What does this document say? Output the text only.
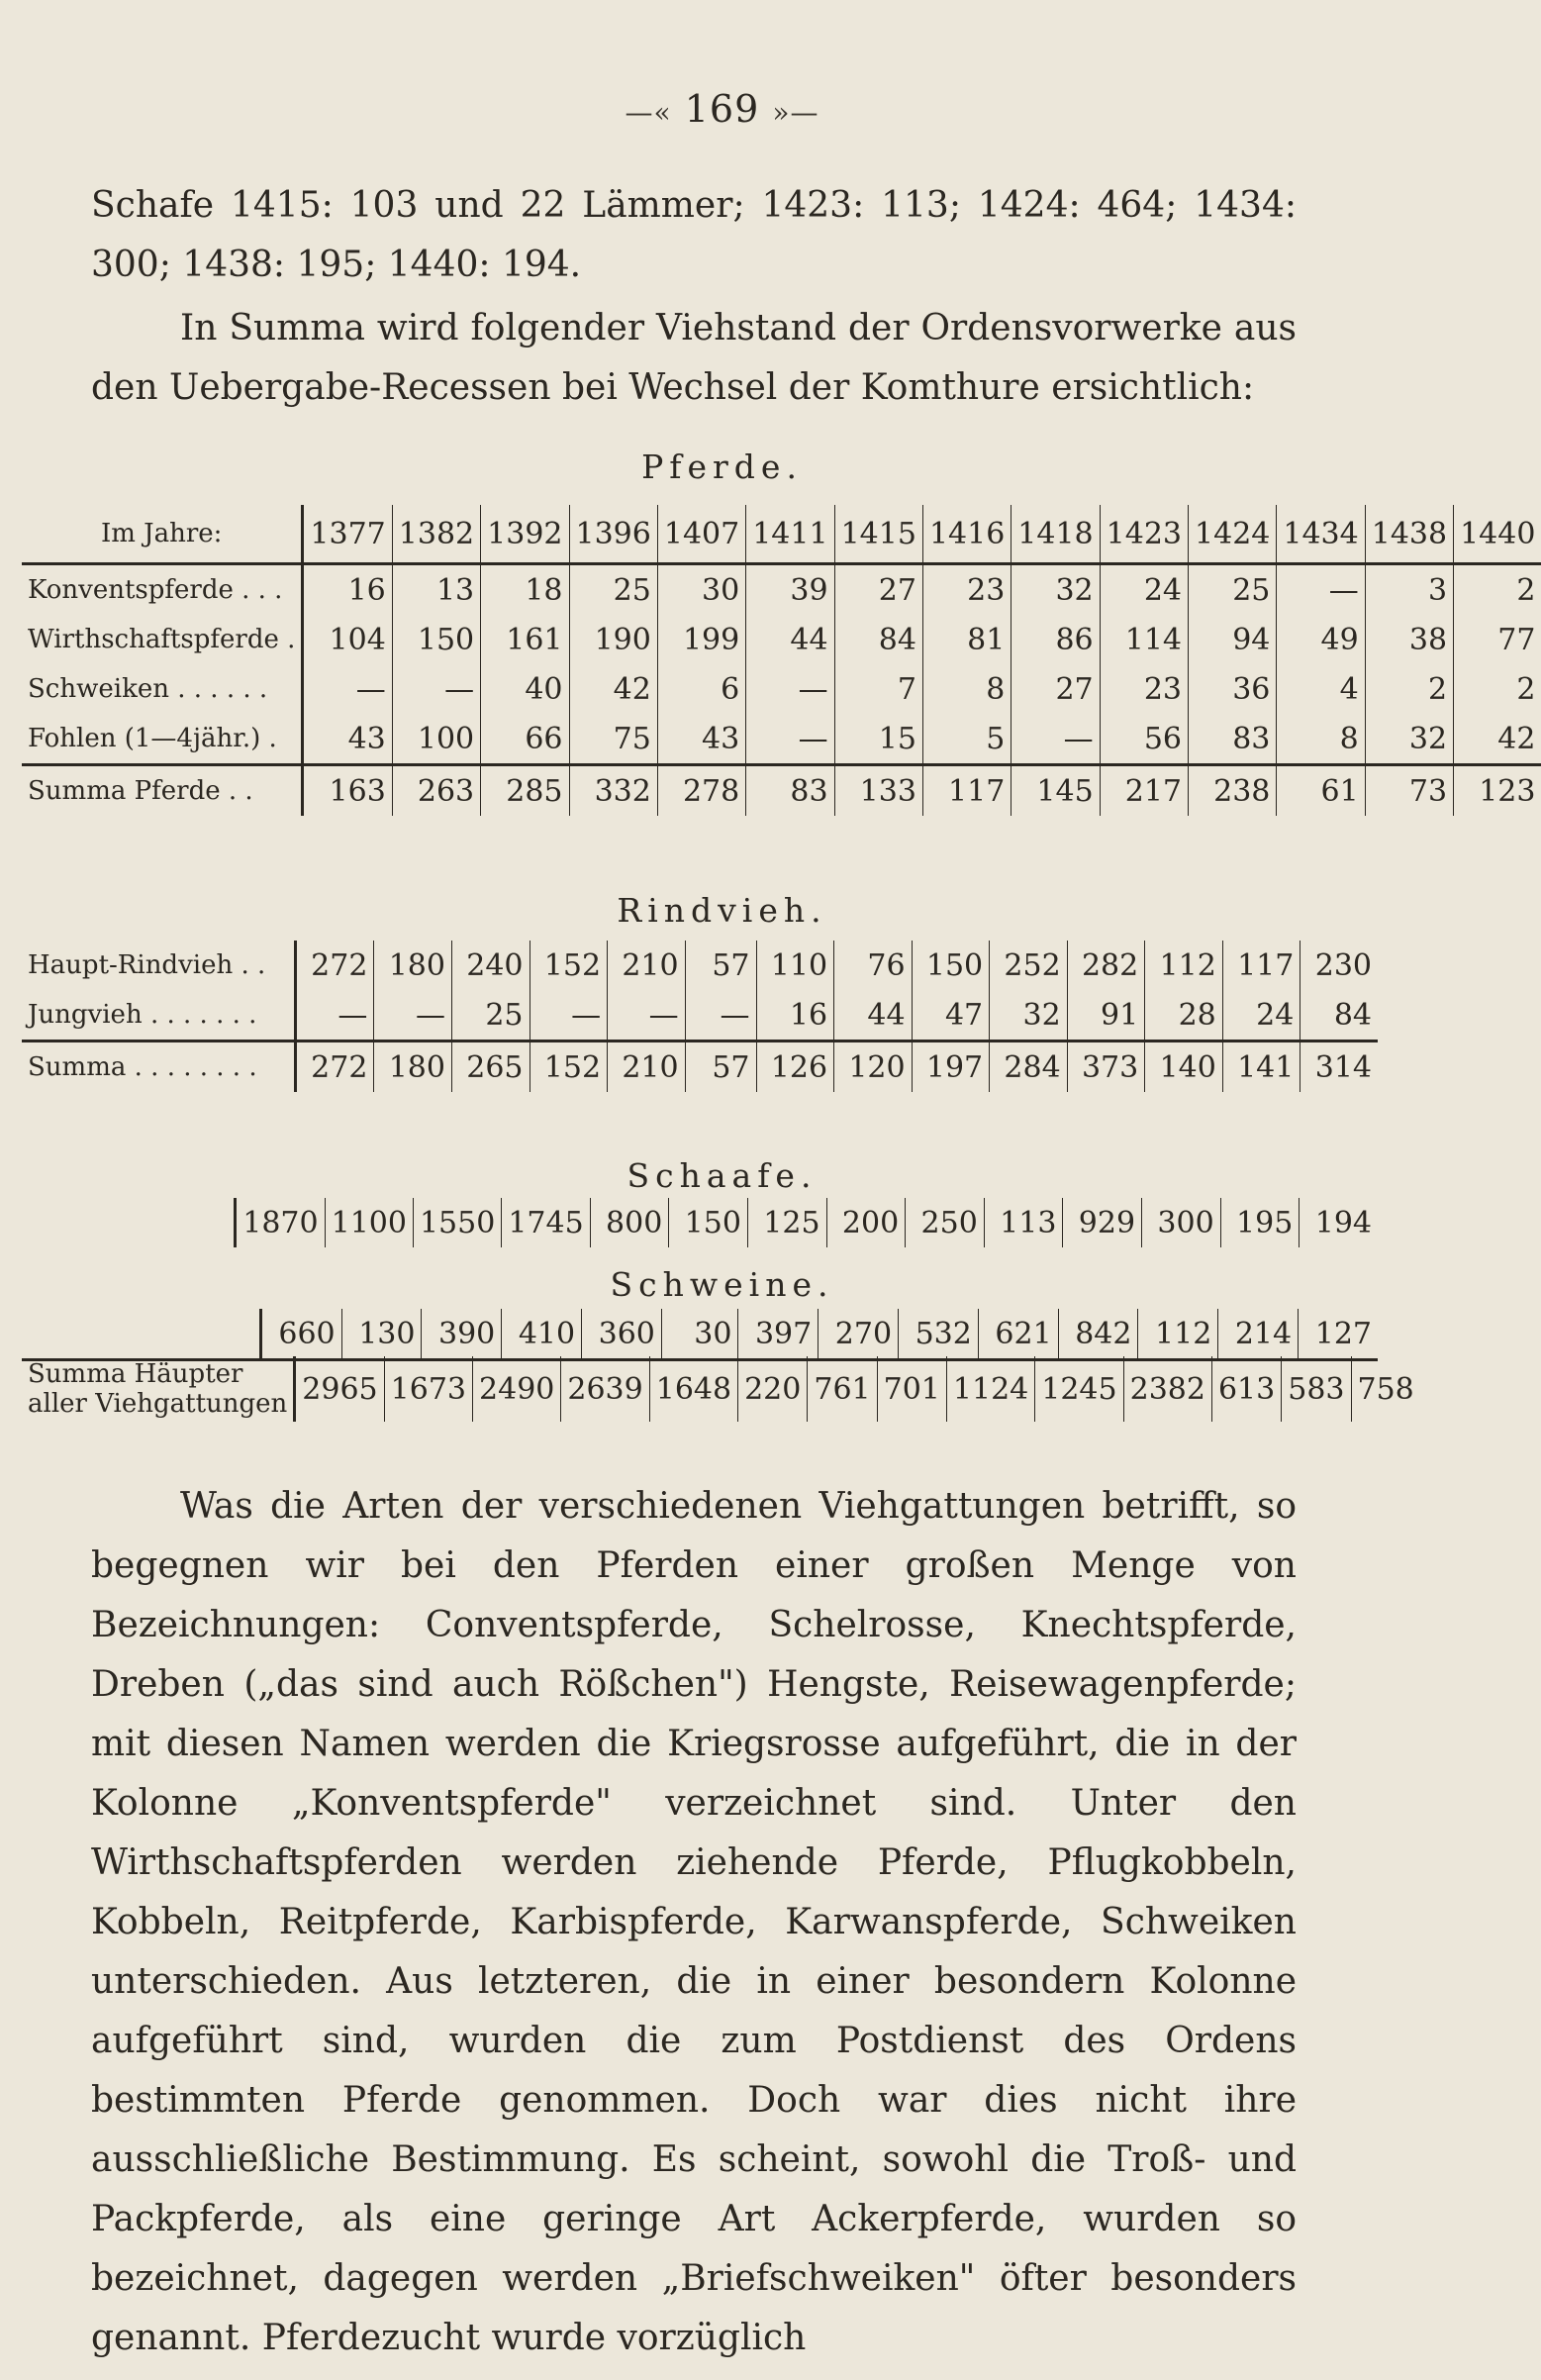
—« 169 »—
Schafe 1415: 103 und 22 Lämmer; 1423: 113; 1424: 464; 1434: 300; 1438: 195; 1440: 194.
In Summa wird folgender Viehstand der Ordensvorwerke aus den Uebergabe-Recessen bei Wechsel der Komthure ersichtlich:
Pferde.
Im Jahre:	1377	1382	1392	1396	1407	1411	1415	1416	1418	1423	1424	1434	1438	1440
Konventspferde . . .	16	13	18	25	30	39	27	23	32	24	25	—	3	2
Wirthschaftspferde .	104	150	161	190	199	44	84	81	86	114	94	49	38	77
Schweiken . . . . . .	—	—	40	42	6	—	7	8	27	23	36	4	2	2
Fohlen (1—4jähr.) .	43	100	66	75	43	—	15	5	—	56	83	8	32	42
Summa Pferde . .	163	263	285	332	278	83	133	117	145	217	238	61	73	123
Rindvieh.
Haupt-Rindvieh . .	272	180	240	152	210	57	110	76	150	252	282	112	117	230
Jungvieh . . . . . . .	—	—	25	—	—	—	16	44	47	32	91	28	24	84
Summa . . . . . . . .	272	180	265	152	210	57	126	120	197	284	373	140	141	314
Schaafe.
	1870	1100	1550	1745	800	150	125	200	250	113	929	300	195	194
Schweine.
	660	130	390	410	360	30	397	270	532	621	842	112	214	127
Summa Häupter
aller Viehgattungen	2965	1673	2490	2639	1648	220	761	701	1124	1245	2382	613	583	758
Was die Arten der verschiedenen Viehgattungen betrifft, so begegnen wir bei den Pferden einer großen Menge von Bezeichnungen: Conventspferde, Schelrosse, Knechtspferde, Dreben („das sind auch Rößchen") Hengste, Reisewagenpferde; mit diesen Namen werden die Kriegsrosse aufgeführt, die in der Kolonne „Konventspferde" verzeichnet sind. Unter den Wirthschaftspferden werden ziehende Pferde, Pflugkobbeln, Kobbeln, Reitpferde, Karbispferde, Karwanspferde, Schweiken unterschieden. Aus letzteren, die in einer besondern Kolonne aufgeführt sind, wurden die zum Postdienst des Ordens bestimmten Pferde genommen. Doch war dies nicht ihre ausschließliche Bestimmung. Es scheint, sowohl die Troß- und Packpferde, als eine geringe Art Ackerpferde, wurden so bezeichnet, dagegen werden „Briefschweiken" öfter besonders genannt. Pferdezucht wurde vorzüglich
